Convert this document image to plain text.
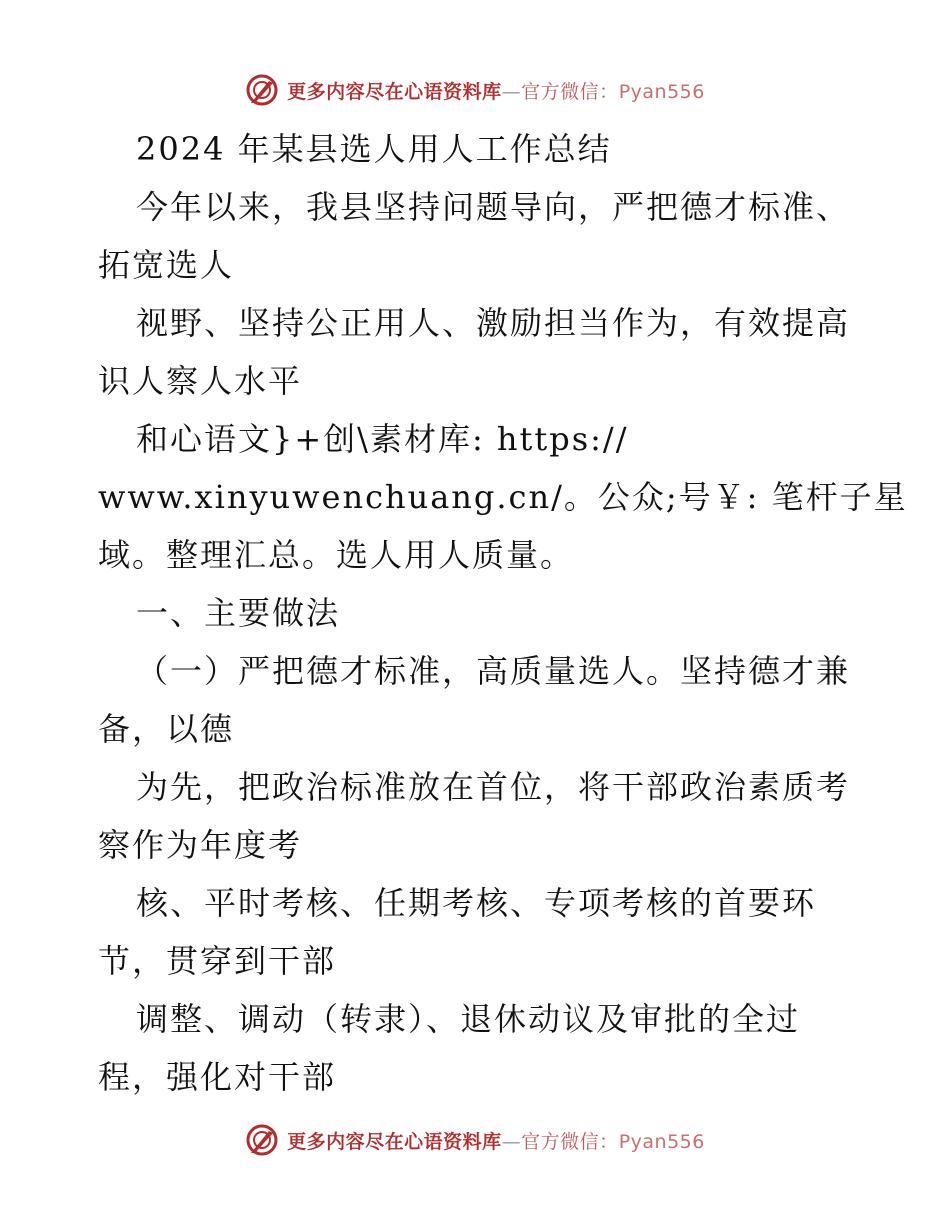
更多内容尽在心语资料库—官方微信：Pyan556
2024 年某县选人用人工作总结
今年以来，我县坚持问题导向，严把德才标准、
拓宽选人
视野、坚持公正用人、激励担当作为，有效提高
识人察人水平
和心语文}+创\素材库: https://
www.xinyuwenchuang.cn/。公众;号￥: 笔杆子星
域。整理汇总。选人用人质量。
一、主要做法
（一）严把德才标准，高质量选人。坚持德才兼
备，以德
为先，把政治标准放在首位，将干部政治素质考
察作为年度考
核、平时考核、任期考核、专项考核的首要环
节，贯穿到干部
调整、调动（转隶）、退休动议及审批的全过
程，强化对干部
更多内容尽在心语资料库—官方微信：Pyan556
